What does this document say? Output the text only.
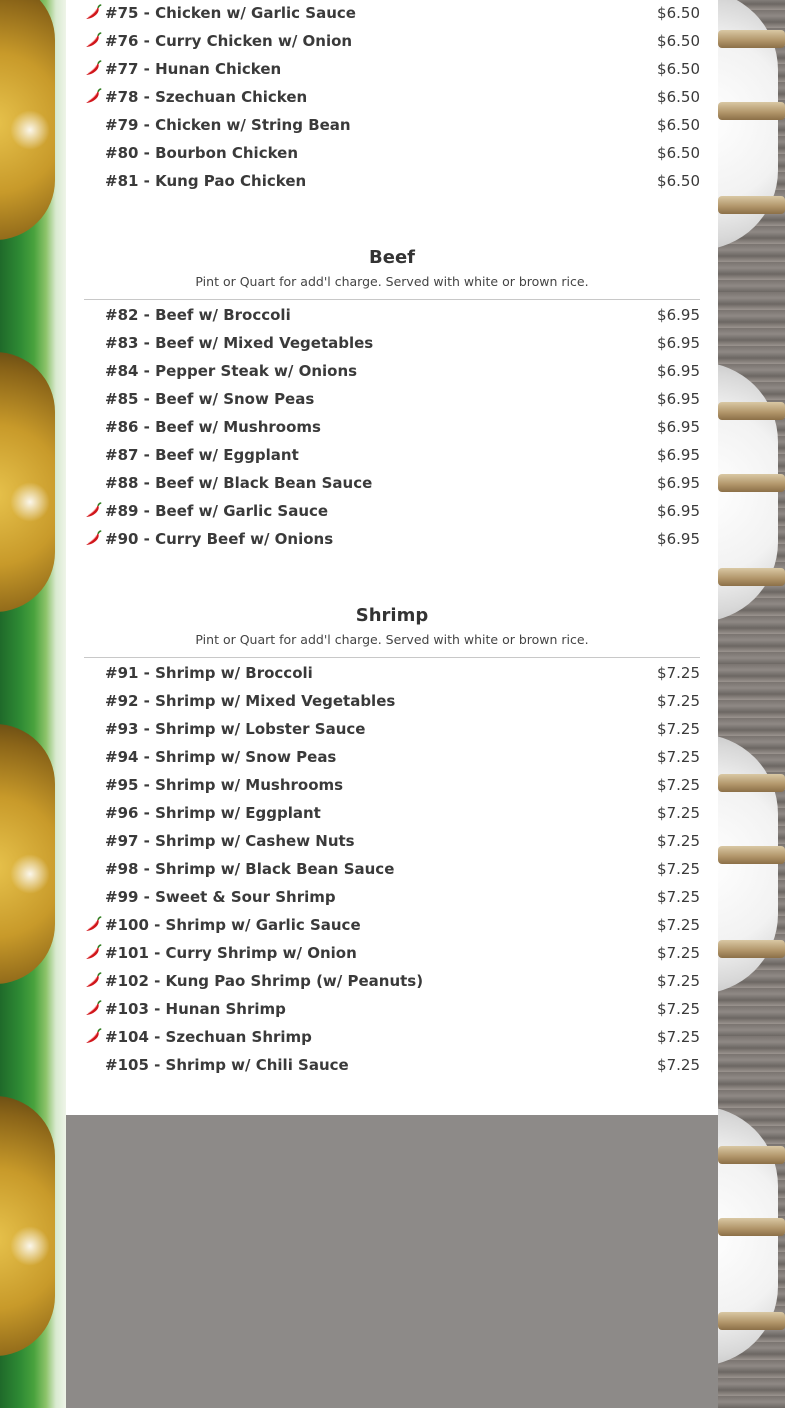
#75 - Chicken w/ Garlic Sauce	$6.50
#76 - Curry Chicken w/ Onion	$6.50
#77 - Hunan Chicken	$6.50
#78 - Szechuan Chicken	$6.50
#79 - Chicken w/ String Bean	$6.50
#80 - Bourbon Chicken	$6.50
#81 - Kung Pao Chicken	$6.50
Beef
Pint or Quart for add'l charge. Served with white or brown rice.
#82 - Beef w/ Broccoli	$6.95
#83 - Beef w/ Mixed Vegetables	$6.95
#84 - Pepper Steak w/ Onions	$6.95
#85 - Beef w/ Snow Peas	$6.95
#86 - Beef w/ Mushrooms	$6.95
#87 - Beef w/ Eggplant	$6.95
#88 - Beef w/ Black Bean Sauce	$6.95
#89 - Beef w/ Garlic Sauce	$6.95
#90 - Curry Beef w/ Onions	$6.95
Shrimp
Pint or Quart for add'l charge. Served with white or brown rice.
#91 - Shrimp w/ Broccoli	$7.25
#92 - Shrimp w/ Mixed Vegetables	$7.25
#93 - Shrimp w/ Lobster Sauce	$7.25
#94 - Shrimp w/ Snow Peas	$7.25
#95 - Shrimp w/ Mushrooms	$7.25
#96 - Shrimp w/ Eggplant	$7.25
#97 - Shrimp w/ Cashew Nuts	$7.25
#98 - Shrimp w/ Black Bean Sauce	$7.25
#99 - Sweet & Sour Shrimp	$7.25
#100 - Shrimp w/ Garlic Sauce	$7.25
#101 - Curry Shrimp w/ Onion	$7.25
#102 - Kung Pao Shrimp (w/ Peanuts)	$7.25
#103 - Hunan Shrimp	$7.25
#104 - Szechuan Shrimp	$7.25
#105 - Shrimp w/ Chili Sauce	$7.25
